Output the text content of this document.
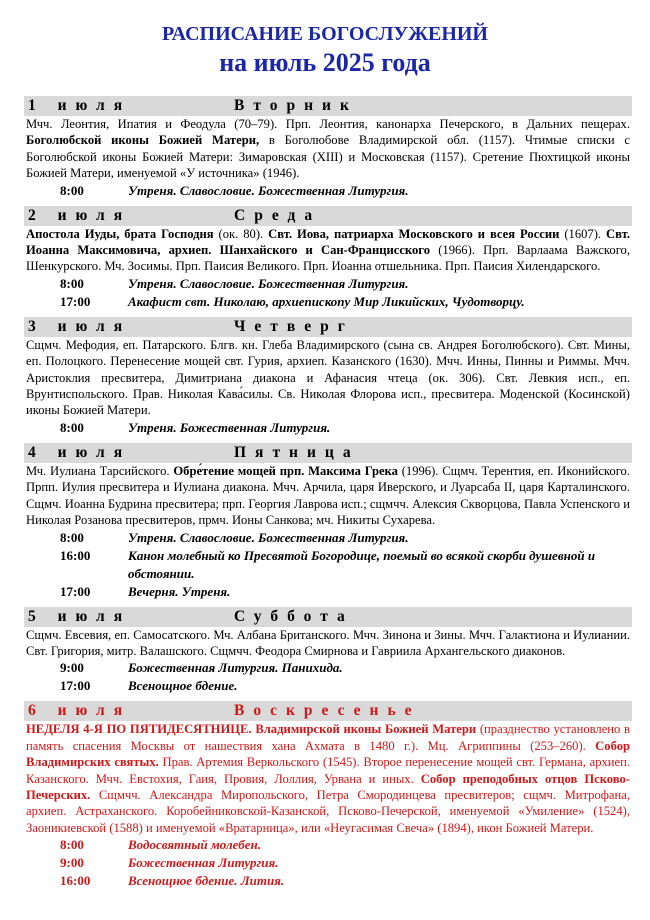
РАСПИСАНИЕ БОГОСЛУЖЕНИЙ
на июль 2025 года
1 июля	Вторник
Мчч. Леонтия, Ипатия и Феодула (70–79). Прп. Леонтия, канонарха Печерского, в Дальних пещерах. Боголюбской иконы Божией Матери, в Боголюбове Владимирской обл. (1157). Чтимые списки с Боголюбской иконы Божией Матери: Зимаровская (XIII) и Московская (1157). Сретение Пюхтицкой иконы Божией Матери, именуемой «У источника» (1946).
8:00	Утреня. Славословие. Божественная Литургия.
2 июля	Среда
Апостола Иуды, брата Господня (ок. 80). Свт. Иова, патриарха Московского и всея России (1607). Свт. Иоанна Максимовича, архиеп. Шанхайского и Сан-Францисского (1966). Прп. Варлаама Важского, Шенкурского. Мч. Зосимы. Прп. Паисия Великого. Прп. Иоанна отшельника. Прп. Паисия Хилендарского.
8:00	Утреня. Славословие. Божественная Литургия.
17:00	Акафист свт. Николаю, архиепископу Мир Ликийских, Чудотворцу.
3 июля	Четверг
Сщмч. Мефодия, еп. Патарского. Блгв. кн. Глеба Владимирского (сына св. Андрея Боголюбского). Свт. Мины, еп. Полоцкого. Перенесение мощей свт. Гурия, архиеп. Казанского (1630). Мчч. Инны, Пинны и Риммы. Мчч. Аристоклия пресвитера, Димитриана диакона и Афанасия чтеца (ок. 306). Свт. Левкия исп., еп. Врунтиспольского. Прав. Николая Кава́силы. Св. Николая Флорова исп., пресвитера. Моденской (Косинской) иконы Божией Матери.
8:00	Утреня. Божественная Литургия.
4 июля	Пятница
Мч. Иулиана Тарсийского. Обре́тение мощей прп. Максима Грека (1996). Сщмч. Терентия, еп. Иконийского. Прпп. Иулия пресвитера и Иулиана диакона. Мчч. Арчила, царя Иверского, и Луарсаба II, царя Карталинского. Сщмч. Иоанна Будрина пресвитера; прп. Георгия Лаврова исп.; сщмчч. Алексия Скворцова, Павла Успенского и Николая Розанова пресвитеров, прмч. Ионы Санкова; мч. Никиты Сухарева.
8:00	Утреня. Славословие. Божественная Литургия.
16:00	Канон молебный ко Пресвятой Богородице, поемый во всякой скорби душевной и обстоянии.
17:00	Вечерня. Утреня.
5 июля	Суббота
Сщмч. Евсевия, еп. Самосатского. Мч. Албана Британского. Мчч. Зинона и Зины. Мчч. Галактиона и Иулиании. Свт. Григория, митр. Валашского. Сщмчч. Феодора Смирнова и Гавриила Архангельского диаконов.
9:00	Божественная Литургия. Панихида.
17:00	Всенощное бдение.
6 июля	Воскресенье
НЕДЕЛЯ 4-Я ПО ПЯТИДЕСЯТНИЦЕ. Владимирской иконы Божией Матери (празднество установлено в память спасения Москвы от нашествия хана Ахмата в 1480 г.). Мц. Агриппины (253–260). Собор Владимирских святых. Прав. Артемия Веркольского (1545). Второе перенесение мощей свт. Германа, архиеп. Казанского. Мчч. Евстохия, Гаия, Провия, Лоллия, Урвана и иных. Собор преподобных отцов Псково-Печерских. Сщмчч. Александра Миропольского, Петра Смородинцева пресвитеров; сщмч. Митрофана, архиеп. Астраханского. Коробейниковской-Казанской, Псково-Печерской, именуемой «Умиление» (1524), Заоникиевской (1588) и именуемой «Вратарница», или «Неугасимая Свеча» (1894), икон Божией Матери.
8:00	Водосвятный молебен.
9:00	Божественная Литургия.
16:00	Всенощное бдение. Лития.
